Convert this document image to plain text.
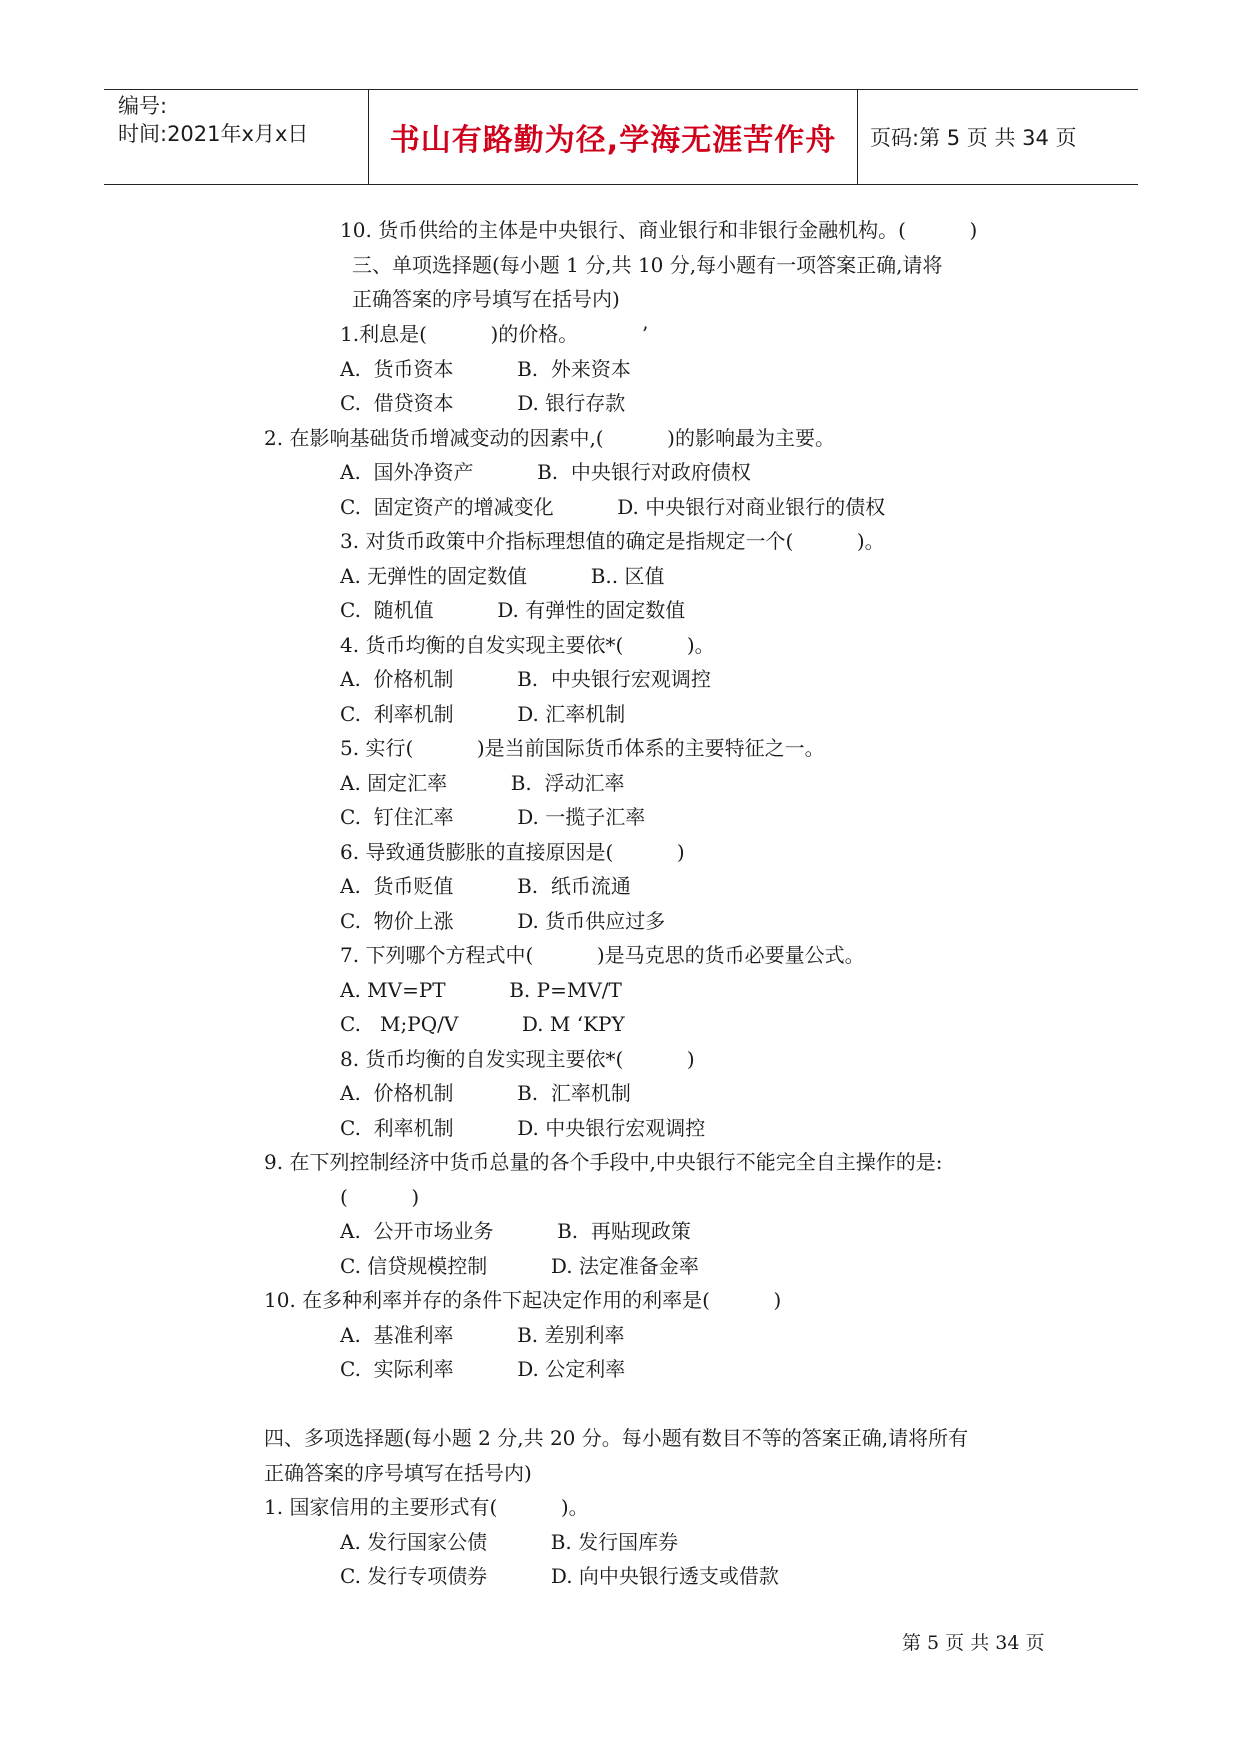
编号:
时间:2021年x月x日	书山有路勤为径,学海无涯苦作舟 页码:第 5 页 共 34 页
10. 货币供给的主体是中央银行、商业银行和非银行金融机构。(          )
三、单项选择题(每小题 1 分,共 10 分,每小题有一项答案正确,请将
正确答案的序号填写在括号内)
1.利息是(          )的价格。          ’
A.  货币资本          B.  外来资本
C.  借贷资本          D. 银行存款
2. 在影响基础货币增减变动的因素中,(          )的影响最为主要。
A.  国外净资产          B.  中央银行对政府债权
C.  固定资产的增减变化          D. 中央银行对商业银行的债权
3. 对货币政策中介指标理想值的确定是指规定一个(          )。
A. 无弹性的固定数值          B.. 区值
C.  随机值          D. 有弹性的固定数值
4. 货币均衡的自发实现主要依*(          )。
A.  价格机制          B.  中央银行宏观调控
C.  利率机制          D. 汇率机制
5. 实行(          )是当前国际货币体系的主要特征之一。
A. 固定汇率          B.  浮动汇率
C.  钉住汇率          D. 一揽子汇率
6. 导致通货膨胀的直接原因是(          )
A.  货币贬值          B.  纸币流通
C.  物价上涨          D. 货币供应过多
7. 下列哪个方程式中(          )是马克思的货币必要量公式。
A. MV=PT          B. P=MV/T
C.   M;PQ/V          D. M ‘KPY
8. 货币均衡的自发实现主要依*(          )
A.  价格机制          B.  汇率机制
C.  利率机制          D. 中央银行宏观调控
9. 在下列控制经济中货币总量的各个手段中,中央银行不能完全自主操作的是:
(          )
A.  公开市场业务          B.  再贴现政策
C. 信贷规模控制          D. 法定准备金率
10. 在多种利率并存的条件下起决定作用的利率是(          )
A.  基准利率          B. 差别利率
C.  实际利率          D. 公定利率
四、多项选择题(每小题 2 分,共 20 分。每小题有数目不等的答案正确,请将所有
正确答案的序号填写在括号内)
1. 国家信用的主要形式有(          )。
A. 发行国家公债          B. 发行国库券
C. 发行专项债券          D. 向中央银行透支或借款
第 5 页 共 34 页
